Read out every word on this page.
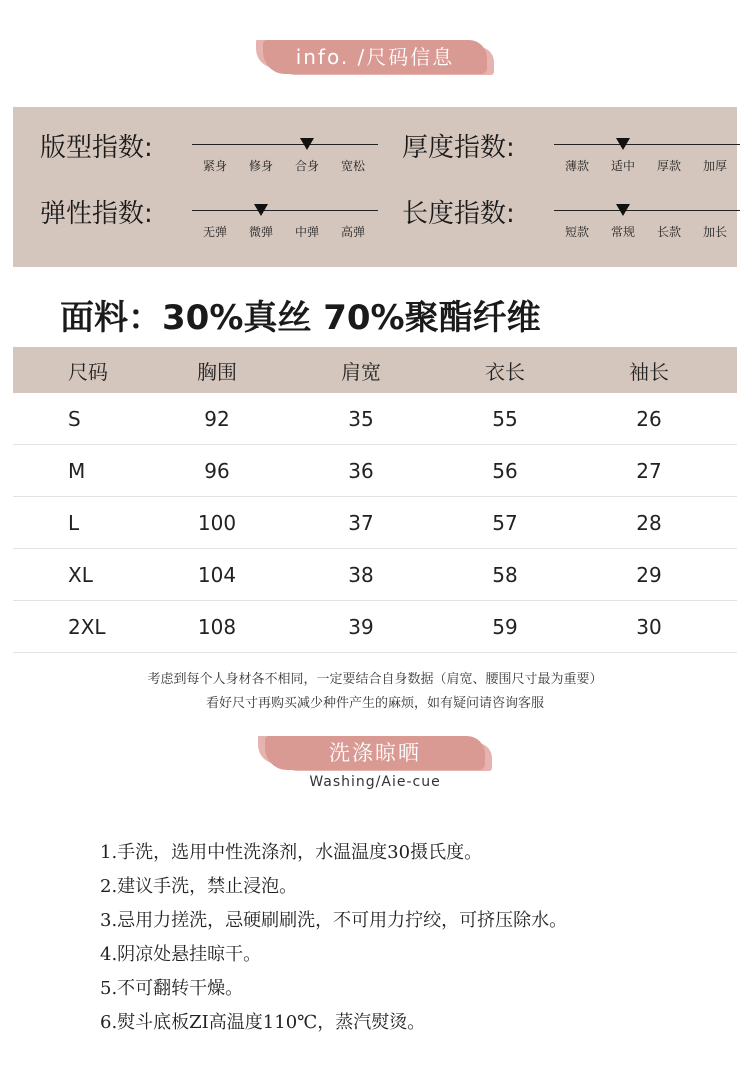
info. /尺码信息
版型指数:
紧身	修身	合身	宽松
厚度指数:
薄款	适中	厚款	加厚
弹性指数:
无弹	微弹	中弹	高弹
长度指数:
短款	常规	长款	加长
面料：30%真丝 70%聚酯纤维
尺码	胸围	肩宽	衣长	袖长
S	92	35	55	26
M	96	36	56	27
L	100	37	57	28
XL	104	38	58	29
2XL	108	39	59	30
考虑到每个人身材各不相同，一定要结合自身数据（肩宽、腰围尺寸最为重要）
看好尺寸再购买减少种件产生的麻烦，如有疑问请咨询客服
洗涤晾晒
Washing/Aie-cue
1.手洗，选用中性洗涤剂，水温温度30摄氏度。
2.建议手洗，禁止浸泡。
3.忌用力搓洗，忌硬刷刷洗，不可用力拧绞，可挤压除水。
4.阴凉处悬挂晾干。
5.不可翻转干燥。
6.熨斗底板ZI高温度110℃，蒸汽熨烫。
